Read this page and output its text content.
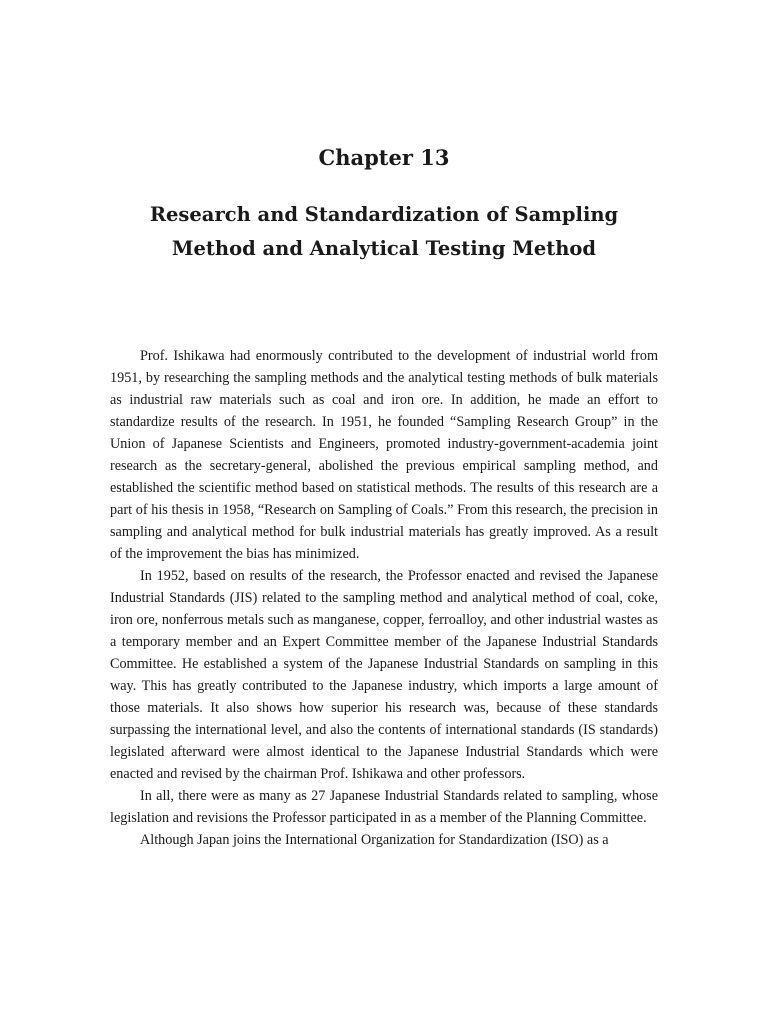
Chapter 13
Research and Standardization of Sampling Method and Analytical Testing Method

Prof. Ishikawa had enormously contributed to the development of industrial world from 1951, by researching the sampling methods and the analytical testing methods of bulk materials as industrial raw materials such as coal and iron ore. In addition, he made an effort to standardize results of the research. In 1951, he founded “Sampling Research Group” in the Union of Japanese Scientists and Engineers, promoted industry-government-academia joint research as the secretary-general, abolished the previous empirical sampling method, and established the scientific method based on statistical methods. The results of this research are a part of his thesis in 1958, “Research on Sampling of Coals.” From this research, the precision in sampling and analytical method for bulk industrial materials has greatly improved. As a result of the improvement the bias has minimized.

In 1952, based on results of the research, the Professor enacted and revised the Japanese Industrial Standards (JIS) related to the sampling method and analytical method of coal, coke, iron ore, nonferrous metals such as manganese, copper, ferroalloy, and other industrial wastes as a temporary member and an Expert Committee member of the Japanese Industrial Standards Committee. He established a system of the Japanese Industrial Standards on sampling in this way. This has greatly contributed to the Japanese industry, which imports a large amount of those materials. It also shows how superior his research was, because of these standards surpassing the international level, and also the contents of international standards (IS standards) legislated afterward were almost identical to the Japanese Industrial Standards which were enacted and revised by the chairman Prof. Ishikawa and other professors.

In all, there were as many as 27 Japanese Industrial Standards related to sampling, whose legislation and revisions the Professor participated in as a member of the Planning Committee.

Although Japan joins the International Organization for Standardization (ISO) as a
